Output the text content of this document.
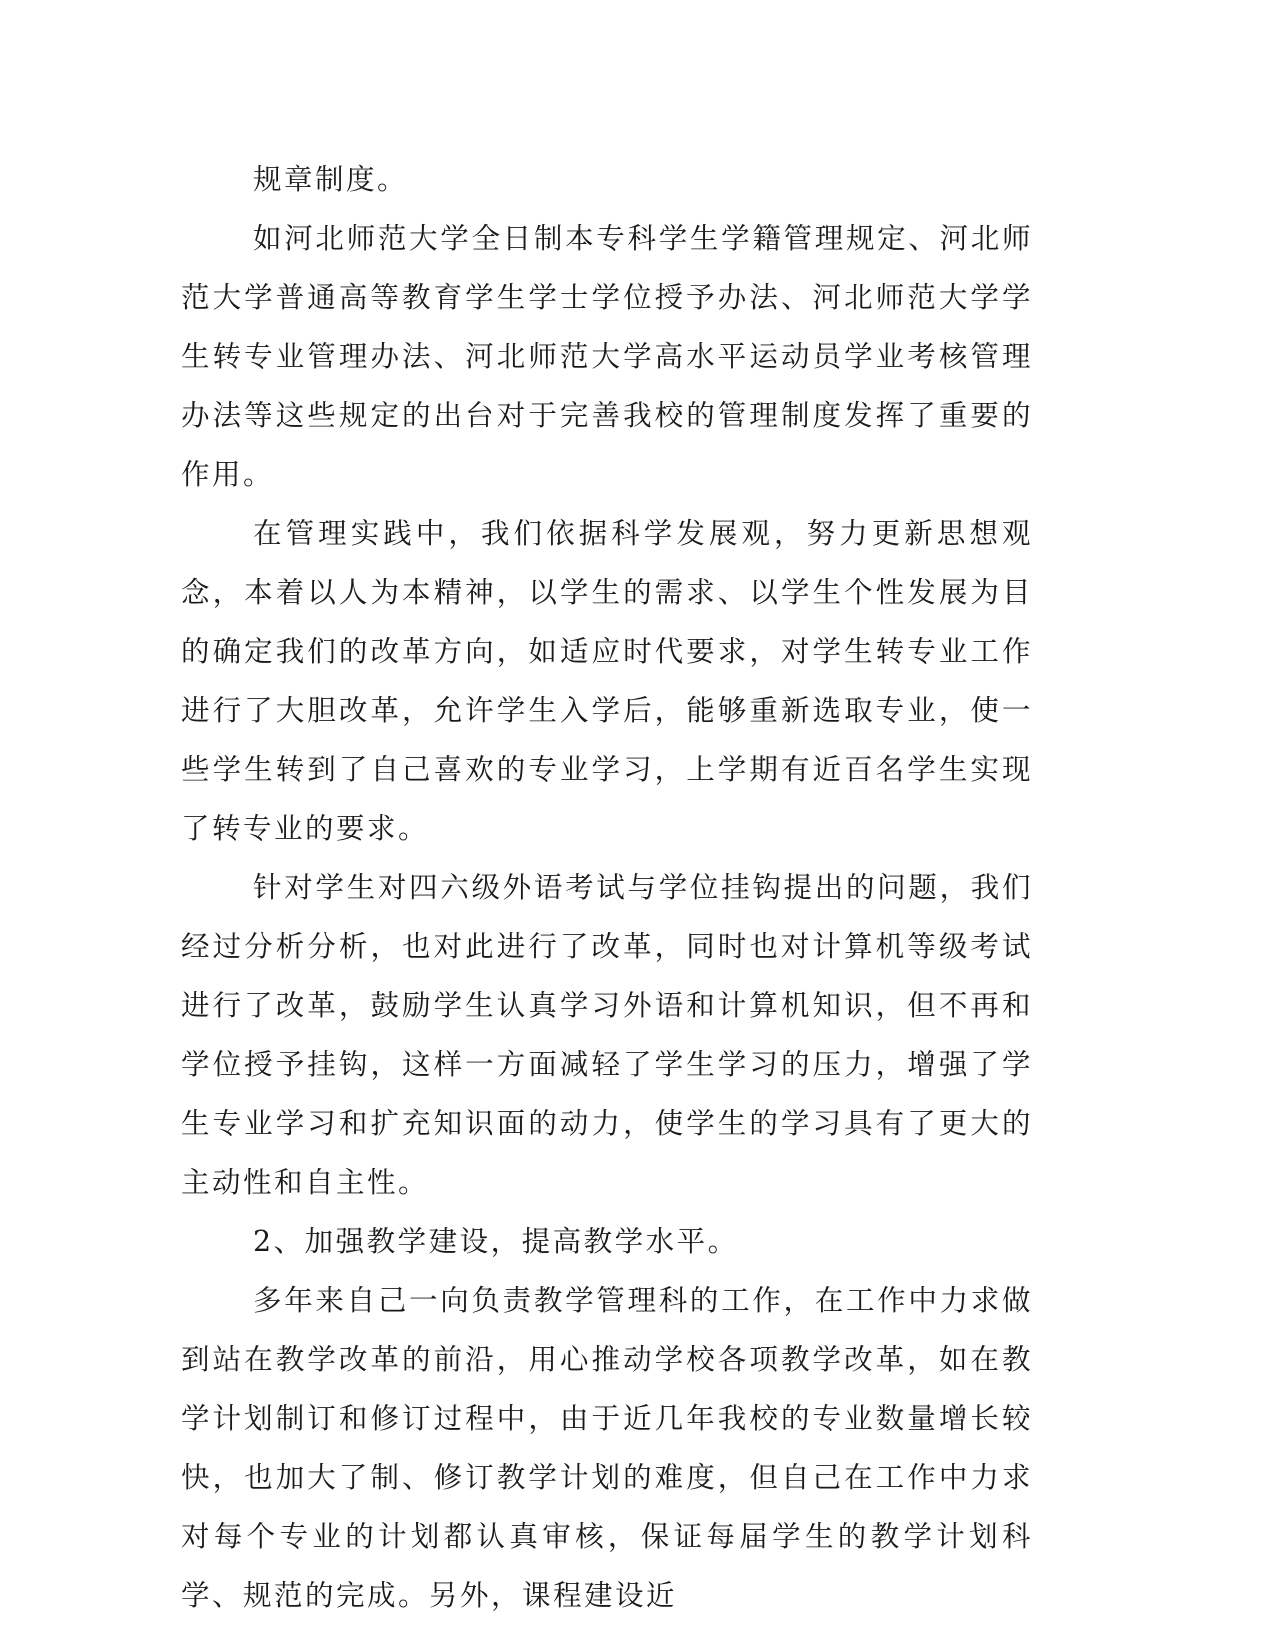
规章制度。

如河北师范大学全日制本专科学生学籍管理规定、河北师范大学普通高等教育学生学士学位授予办法、河北师范大学学生转专业管理办法、河北师范大学高水平运动员学业考核管理办法等这些规定的出台对于完善我校的管理制度发挥了重要的作用。

在管理实践中，我们依据科学发展观，努力更新思想观念，本着以人为本精神，以学生的需求、以学生个性发展为目的确定我们的改革方向，如适应时代要求，对学生转专业工作进行了大胆改革，允许学生入学后，能够重新选取专业，使一些学生转到了自己喜欢的专业学习，上学期有近百名学生实现了转专业的要求。

针对学生对四六级外语考试与学位挂钩提出的问题，我们经过分析分析，也对此进行了改革，同时也对计算机等级考试进行了改革，鼓励学生认真学习外语和计算机知识，但不再和学位授予挂钩，这样一方面减轻了学生学习的压力，增强了学生专业学习和扩充知识面的动力，使学生的学习具有了更大的主动性和自主性。

2、加强教学建设，提高教学水平。

多年来自己一向负责教学管理科的工作，在工作中力求做到站在教学改革的前沿，用心推动学校各项教学改革，如在教学计划制订和修订过程中，由于近几年我校的专业数量增长较快，也加大了制、修订教学计划的难度，但自己在工作中力求对每个专业的计划都认真审核，保证每届学生的教学计划科学、规范的完成。另外，课程建设近
